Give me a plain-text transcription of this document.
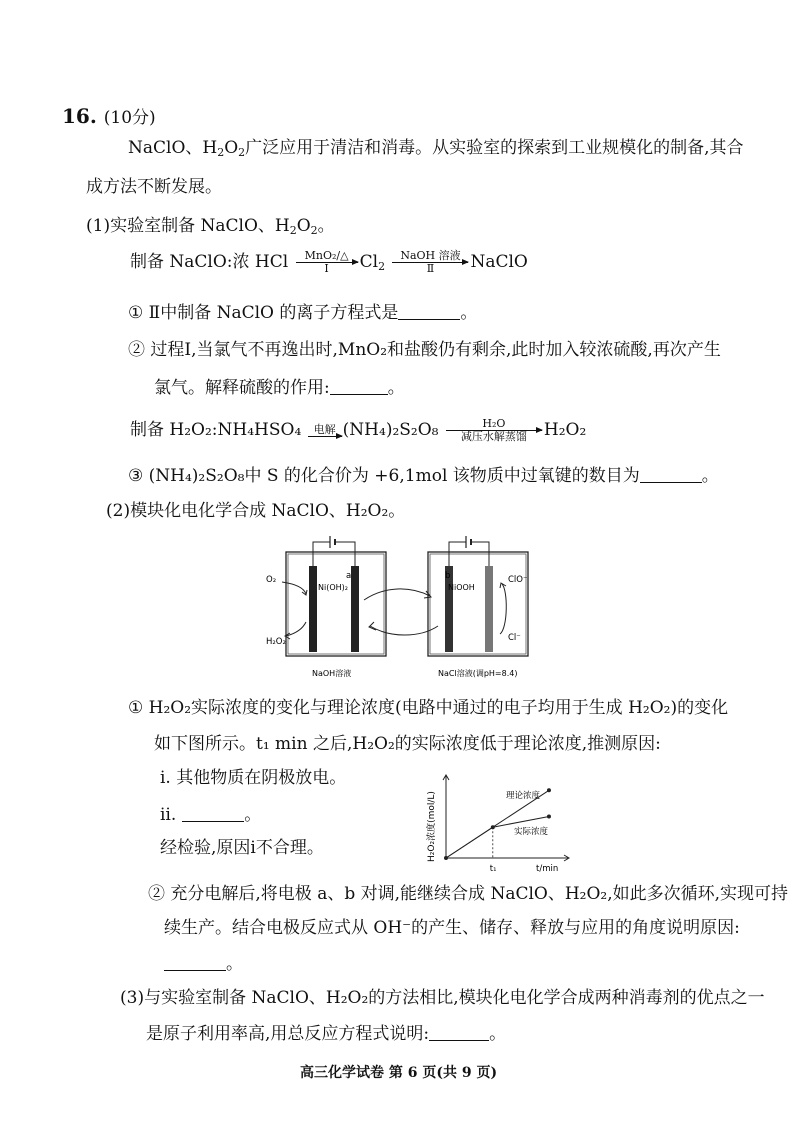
16. (10分)
NaClO、$H_2O_2$广泛应用于清洁和消毒。从实验室的探索到工业规模化的制备,其合
成方法不断发展。
(1)实验室制备 NaClO、$H_2O_2$。
制备 NaClO:浓 HCl	MnO₂/△
I	$Cl_2$
NaOH 溶液
Ⅱ	NaClO
① Ⅱ中制备 NaClO 的离子方程式是	。
② 过程Ⅰ,当氯气不再逸出时,MnO₂和盐酸仍有剩余,此时加入较浓硫酸,再次产生
氯气。解释硫酸的作用:	。
制备 H₂O₂:NH₄HSO₄	电解 (NH₄)₂S₂O₈	H₂O
减压水解蒸馏	H₂O₂
③ (NH₄)₂S₂O₈中 S 的化合价为 +6,1mol 该物质中过氧键的数目为	。
(2)模块化电化学合成 NaClO、H₂O₂。
O₂
H₂O₂
a
Ni(OH)₂
b
NiOOH
ClO⁻
Cl⁻
NaOH溶液	NaCl溶液(调pH=8.4)
① H₂O₂实际浓度的变化与理论浓度(电路中通过的电子均用于生成 H₂O₂)的变化
如下图所示。t₁ min 之后,H₂O₂的实际浓度低于理论浓度,推测原因:
ⅰ. 其他物质在阴极放电。
ⅱ.	。
经检验,原因ⅰ不合理。	H₂O₂浓度(mol/L)
t/min
t₁
理论浓度
实际浓度
② 充分电解后,将电极 a、b 对调,能继续合成 NaClO、H₂O₂,如此多次循环,实现可持
续生产。结合电极反应式从 OH⁻的产生、储存、释放与应用的角度说明原因:
。
(3)与实验室制备 NaClO、H₂O₂的方法相比,模块化电化学合成两种消毒剂的优点之一
是原子利用率高,用总反应方程式说明:	。
高三化学试卷 第 6 页(共 9 页)
